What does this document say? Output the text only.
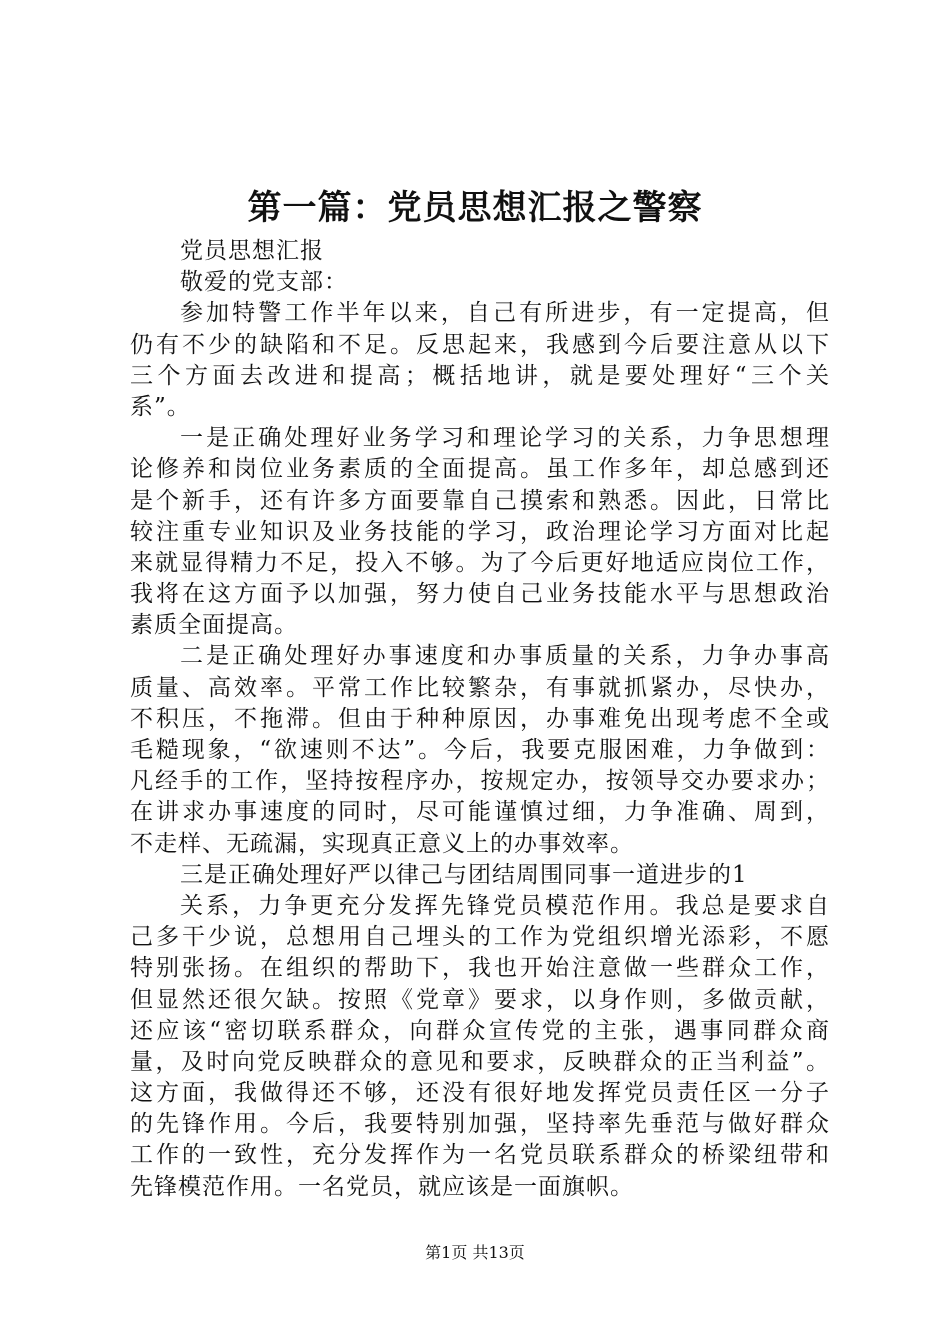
第一篇：党员思想汇报之警察
党员思想汇报
敬爱的党支部：
参加特警工作半年以来，自己有所进步，有一定提高，但
仍有不少的缺陷和不足。反思起来，我感到今后要注意从以下
三个方面去改进和提高；概括地讲，就是要处理好“三个关
系”。
一是正确处理好业务学习和理论学习的关系，力争思想理
论修养和岗位业务素质的全面提高。虽工作多年，却总感到还
是个新手，还有许多方面要靠自己摸索和熟悉。因此，日常比
较注重专业知识及业务技能的学习，政治理论学习方面对比起
来就显得精力不足，投入不够。为了今后更好地适应岗位工作，
我将在这方面予以加强，努力使自己业务技能水平与思想政治
素质全面提高。
二是正确处理好办事速度和办事质量的关系，力争办事高
质量、高效率。平常工作比较繁杂，有事就抓紧办，尽快办，
不积压，不拖滞。但由于种种原因，办事难免出现考虑不全或
毛糙现象，“欲速则不达”。今后，我要克服困难，力争做到：
凡经手的工作，坚持按程序办，按规定办，按领导交办要求办；
在讲求办事速度的同时，尽可能谨慎过细，力争准确、周到，
不走样、无疏漏，实现真正意义上的办事效率。
三是正确处理好严以律己与团结周围同事一道进步的1
关系，力争更充分发挥先锋党员模范作用。我总是要求自
己多干少说，总想用自己埋头的工作为党组织增光添彩，不愿
特别张扬。在组织的帮助下，我也开始注意做一些群众工作，
但显然还很欠缺。按照《党章》要求，以身作则，多做贡献，
还应该“密切联系群众，向群众宣传党的主张，遇事同群众商
量，及时向党反映群众的意见和要求，反映群众的正当利益”。
这方面，我做得还不够，还没有很好地发挥党员责任区一分子
的先锋作用。今后，我要特别加强，坚持率先垂范与做好群众
工作的一致性，充分发挥作为一名党员联系群众的桥梁纽带和
先锋模范作用。一名党员，就应该是一面旗帜。
第1页 共13页
